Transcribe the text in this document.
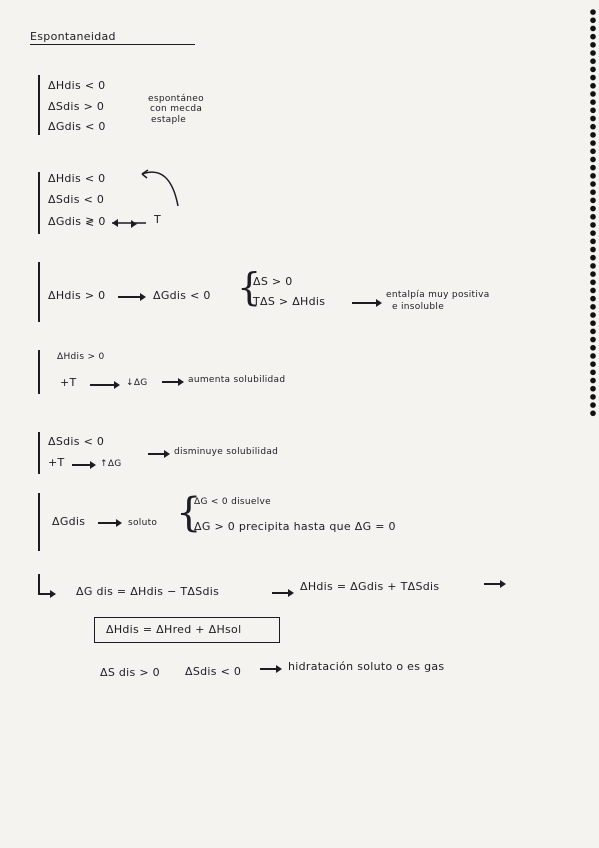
Espontaneidad
ΔHdis < 0
ΔSdis > 0
ΔGdis < 0
espontáneo
con mecda
estaple
ΔHdis < 0
ΔSdis < 0
ΔGdis ≷ 0	T
ΔHdis > 0	ΔGdis < 0 {
ΔS > 0
TΔS > ΔHdis	entalpía muy positiva
e insoluble
ΔHdis > 0
+T	↓ΔG	aumenta solubilidad
ΔSdis < 0
+T	↑ΔG
disminuye solubilidad
ΔGdis	soluto {
ΔG < 0 disuelve
ΔG > 0 precipita hasta que ΔG = 0
ΔG dis = ΔHdis − TΔSdis	ΔHdis = ΔGdis + TΔSdis
ΔHdis = ΔHred + ΔHsol
ΔS dis > 0 ΔSdis < 0	hidratación soluto o es gas
